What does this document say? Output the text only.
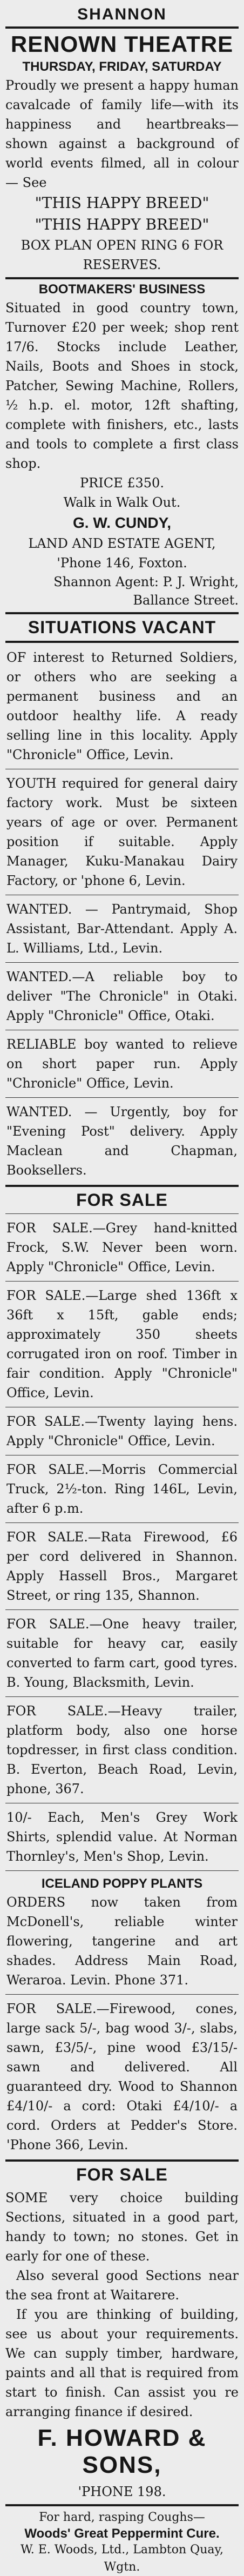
SHANNON
RENOWN THEATRE
THURSDAY, FRIDAY, SATURDAY

Proudly we present a happy human cavalcade of family life—with its happiness and heartbreaks—shown against a background of world events filmed, all in colour — See

"THIS HAPPY BREED"

"THIS HAPPY BREED"

BOX PLAN OPEN RING 6 FOR RESERVES.

BOOTMAKERS' BUSINESS

Situated in good country town, Turnover £20 per week; shop rent 17/6. Stocks include Leather, Nails, Boots and Shoes in stock, Patcher, Sewing Machine, Rollers, ½ h.p. el. motor, 12ft shafting, complete with finishers, etc., lasts and tools to complete a first class shop.

PRICE £350.

Walk in Walk Out.

G. W. CUNDY,

LAND AND ESTATE AGENT,

'Phone 146, Foxton.

Shannon Agent: P. J. Wright,

Ballance Street.

SITUATIONS VACANT

OF interest to Returned Soldiers, or others who are seeking a permanent business and an outdoor healthy life. A ready selling line in this locality. Apply "Chronicle" Office, Levin.

YOUTH required for general dairy factory work. Must be sixteen years of age or over. Permanent position if suitable. Apply Manager, Kuku-Manakau Dairy Factory, or 'phone 6, Levin.

WANTED. — Pantrymaid, Shop Assistant, Bar-Attendant. Apply A. L. Williams, Ltd., Levin.

WANTED.—A reliable boy to deliver "The Chronicle" in Otaki. Apply "Chronicle" Office, Otaki.

RELIABLE boy wanted to relieve on short paper run. Apply "Chronicle" Office, Levin.

WANTED. — Urgently, boy for "Evening Post" delivery. Apply Maclean and Chapman, Booksellers.

FOR SALE

FOR SALE.—Grey hand-knitted Frock, S.W. Never been worn. Apply "Chronicle" Office, Levin.

FOR SALE.—Large shed 136ft x 36ft x 15ft, gable ends; approximately 350 sheets corrugated iron on roof. Timber in fair condition. Apply "Chronicle" Office, Levin.

FOR SALE.—Twenty laying hens. Apply "Chronicle" Office, Levin.

FOR SALE.—Morris Commercial Truck, 2½-ton. Ring 146L, Levin, after 6 p.m.

FOR SALE.—Rata Firewood, £6 per cord delivered in Shannon. Apply Hassell Bros., Margaret Street, or ring 135, Shannon.

FOR SALE.—One heavy trailer, suitable for heavy car, easily converted to farm cart, good tyres. B. Young, Blacksmith, Levin.

FOR SALE.—Heavy trailer, platform body, also one horse topdresser, in first class condition. B. Everton, Beach Road, Levin, phone, 367.

10/- Each, Men's Grey Work Shirts, splendid value. At Norman Thornley's, Men's Shop, Levin.

ICELAND POPPY PLANTS

ORDERS now taken from McDonell's, reliable winter flowering, tangerine and art shades. Address Main Road, Weraroa. Levin. Phone 371.

FOR SALE.—Firewood, cones, large sack 5/-, bag wood 3/-, slabs, sawn, £3/5/-, pine wood £3/15/- sawn and delivered. All guaranteed dry. Wood to Shannon £4/10/- a cord: Otaki £4/10/- a cord. Orders at Pedder's Store. 'Phone 366, Levin.

FOR SALE

SOME very choice building Sections, situated in a good part, handy to town; no stones. Get in early for one of these.

Also several good Sections near the sea front at Waitarere.

If you are thinking of building, see us about your requirements. We can supply timber, hardware, paints and all that is required from start to finish. Can assist you re arranging finance if desired.

F. HOWARD & SONS,

'PHONE 198.

For hard, rasping Coughs—

Woods' Great Peppermint Cure.

W. E. Woods, Ltd., Lambton Quay, Wgtn.
